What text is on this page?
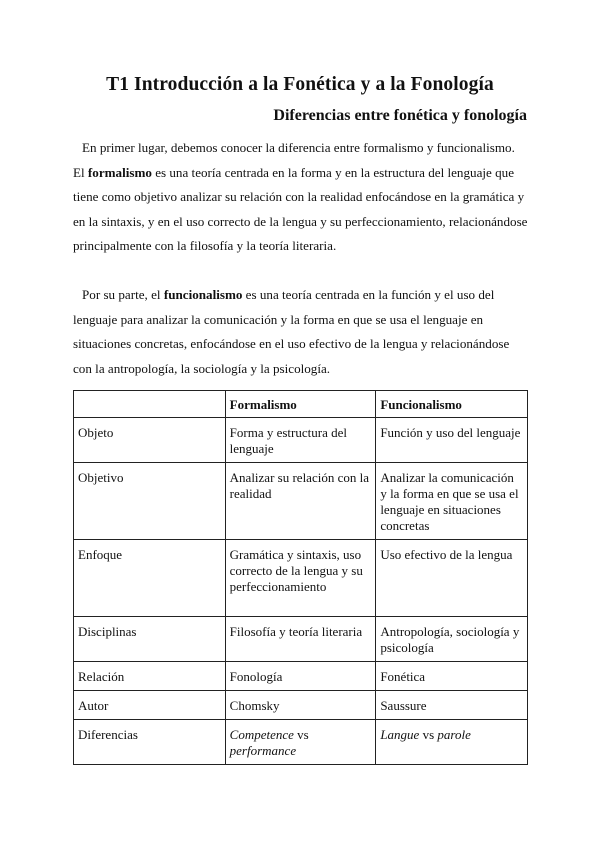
T1 Introducción a la Fonética y a la Fonología
Diferencias entre fonética y fonología

En primer lugar, debemos conocer la diferencia entre formalismo y funcionalismo. El formalismo es una teoría centrada en la forma y en la estructura del lenguaje que tiene como objetivo analizar su relación con la realidad enfocándose en la gramática y en la sintaxis, y en el uso correcto de la lengua y su perfeccionamiento, relacionándose principalmente con la filosofía y la teoría literaria.

Por su parte, el funcionalismo es una teoría centrada en la función y el uso del lenguaje para analizar la comunicación y la forma en que se usa el lenguaje en situaciones concretas, enfocándose en el uso efectivo de la lengua y relacionándose con la antropología, la sociología y la psicología.

	Formalismo	Funcionalismo
Objeto	Forma y estructura del lenguaje	Función y uso del lenguaje
Objetivo	Analizar su relación con la realidad	Analizar la comunicación y la forma en que se usa el lenguaje en situaciones concretas
Enfoque	Gramática y sintaxis, uso correcto de la lengua y su perfeccionamiento	Uso efectivo de la lengua
Disciplinas	Filosofía y teoría literaria	Antropología, sociología y psicología
Relación	Fonología	Fonética
Autor	Chomsky	Saussure
Diferencias	Competence vs performance	Langue vs parole
